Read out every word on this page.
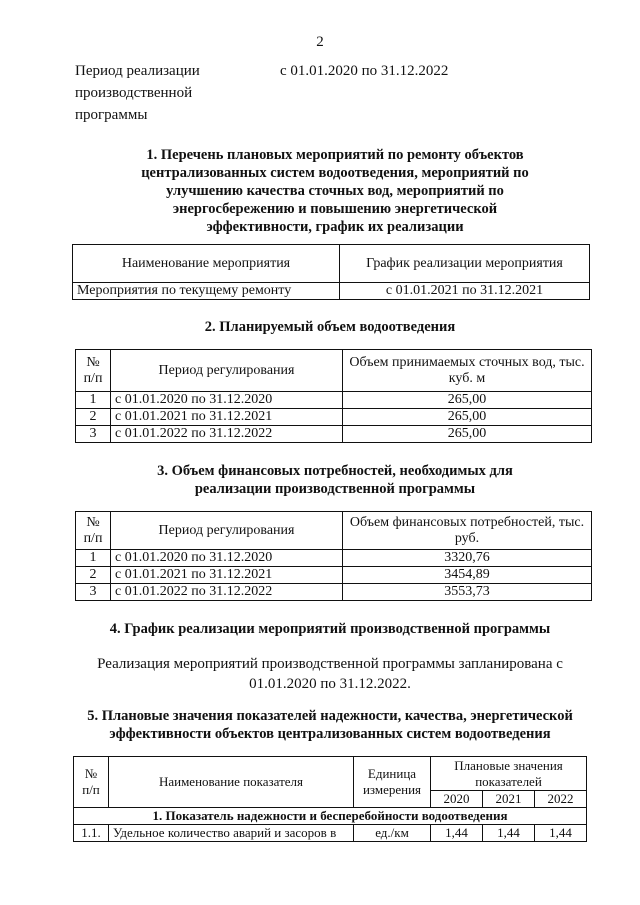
2
Период реализации производственной программы
с 01.01.2020 по 31.12.2022
1. Перечень плановых мероприятий по ремонту объектов централизованных систем водоотведения, мероприятий по улучшению качества сточных вод, мероприятий по энергосбережению и повышению энергетической эффективности, график их реализации
Наименование мероприятия	График реализации мероприятия
Мероприятия по текущему ремонту	с 01.01.2021 по 31.12.2021
2. Планируемый объем водоотведения
№ п/п	Период регулирования	Объем принимаемых сточных вод, тыс. куб. м
1	с 01.01.2020 по 31.12.2020	265,00
2	с 01.01.2021 по 31.12.2021	265,00
3	с 01.01.2022 по 31.12.2022	265,00
3. Объем финансовых потребностей, необходимых для реализации производственной программы
№ п/п	Период регулирования	Объем финансовых потребностей, тыс. руб.
1	с 01.01.2020 по 31.12.2020	3320,76
2	с 01.01.2021 по 31.12.2021	3454,89
3	с 01.01.2022 по 31.12.2022	3553,73
4. График реализации мероприятий производственной программы
Реализация мероприятий производственной программы запланирована с 01.01.2020 по 31.12.2022.
5. Плановые значения показателей надежности, качества, энергетической эффективности объектов централизованных систем водоотведения
№ п/п	Наименование показателя	Единица измерения	Плановые значения показателей		
			2020	2021	2022
1. Показатель надежности и бесперебойности водоотведения					
1.1.	Удельное количество аварий и засоров в	ед./км	1,44	1,44	1,44
